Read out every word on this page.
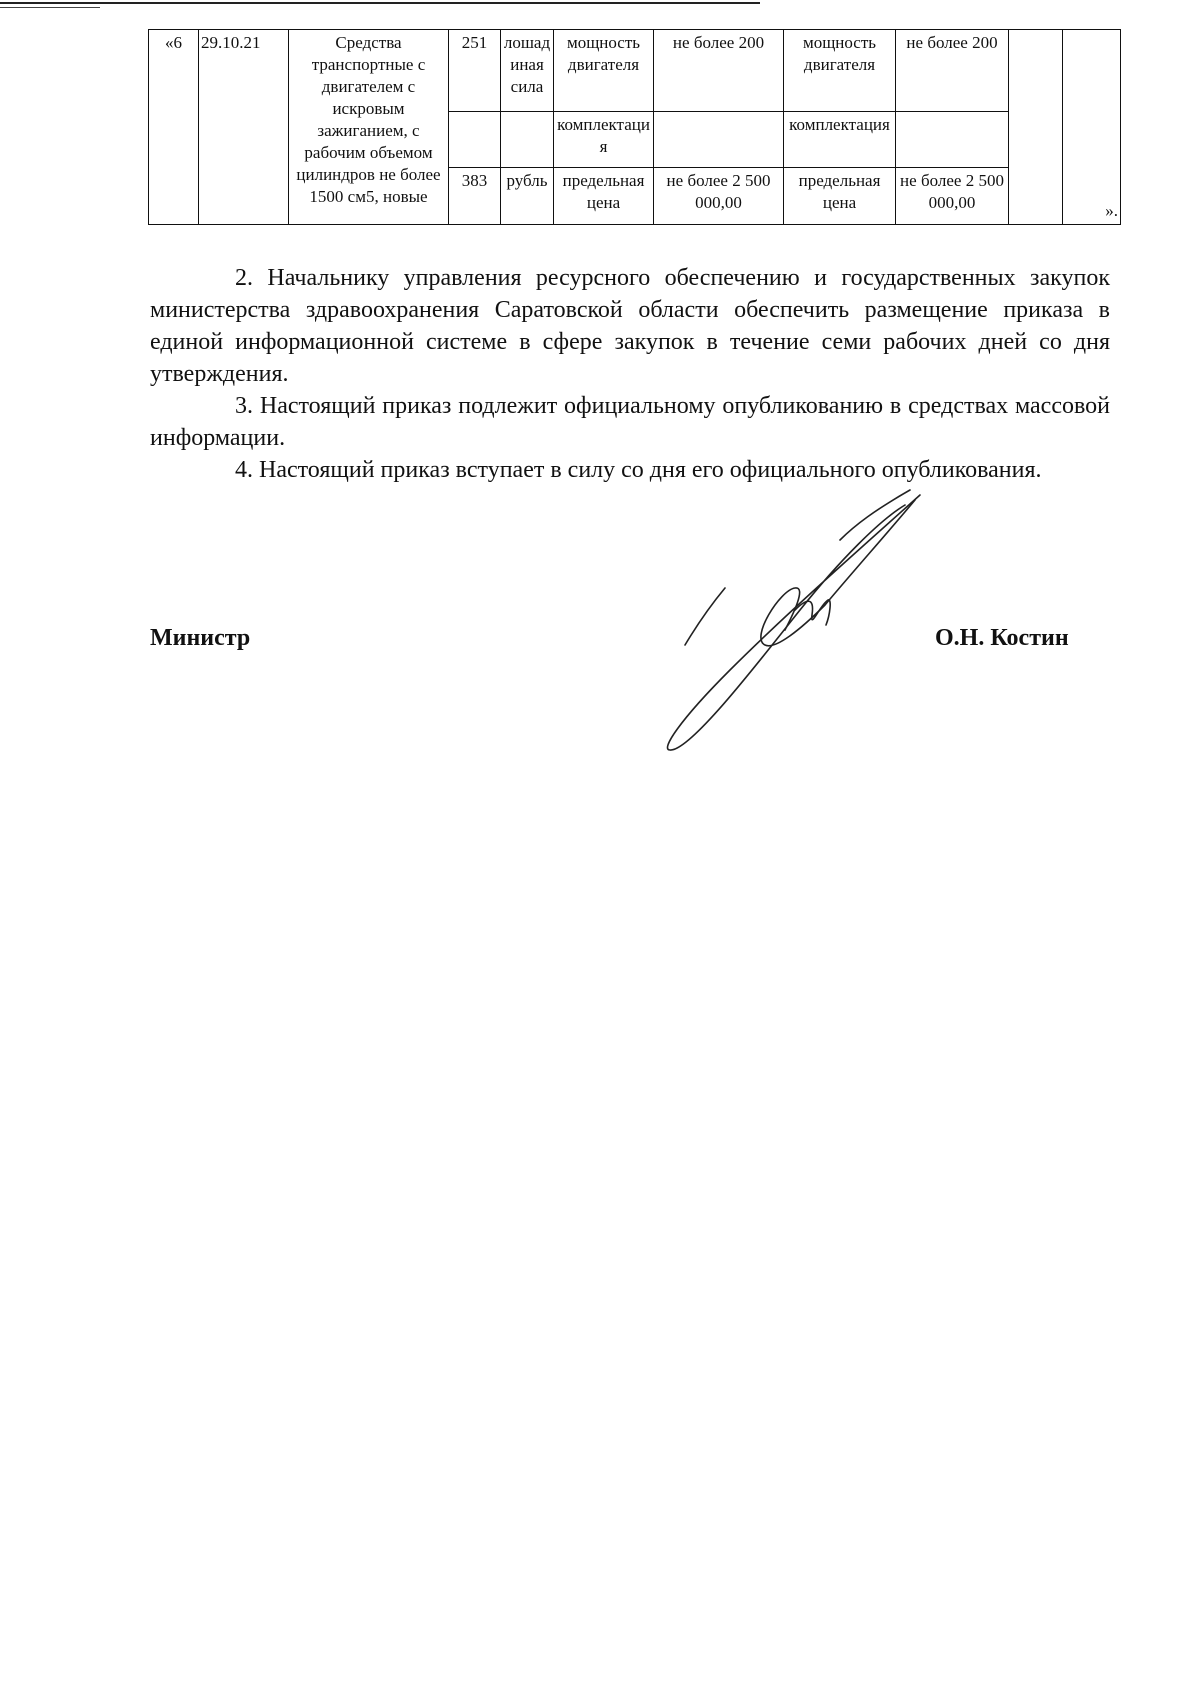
«6	29.10.21	Средства транспортные с двигателем с искровым зажиганием, с рабочим объемом цилиндров не более 1500 см5, новые	251	лошадиная сила	мощность двигателя	не более 200	мощность двигателя	не более 200		».

					комплектация		комплектация			
			383	рубль	предельная цена	не более 2 500 000,00	предельная цена	не более 2 500 000,00		

2. Начальнику управления ресурсного обеспечению и государственных закупок министерства здравоохранения Саратовской области обеспечить размещение приказа в единой информационной системе в сфере закупок в течение семи рабочих дней со дня утверждения.

3. Настоящий приказ подлежит официальному опубликованию в средствах массовой информации.

4. Настоящий приказ вступает в силу со дня его официального опубликования.

Министр	О.Н. Костин
